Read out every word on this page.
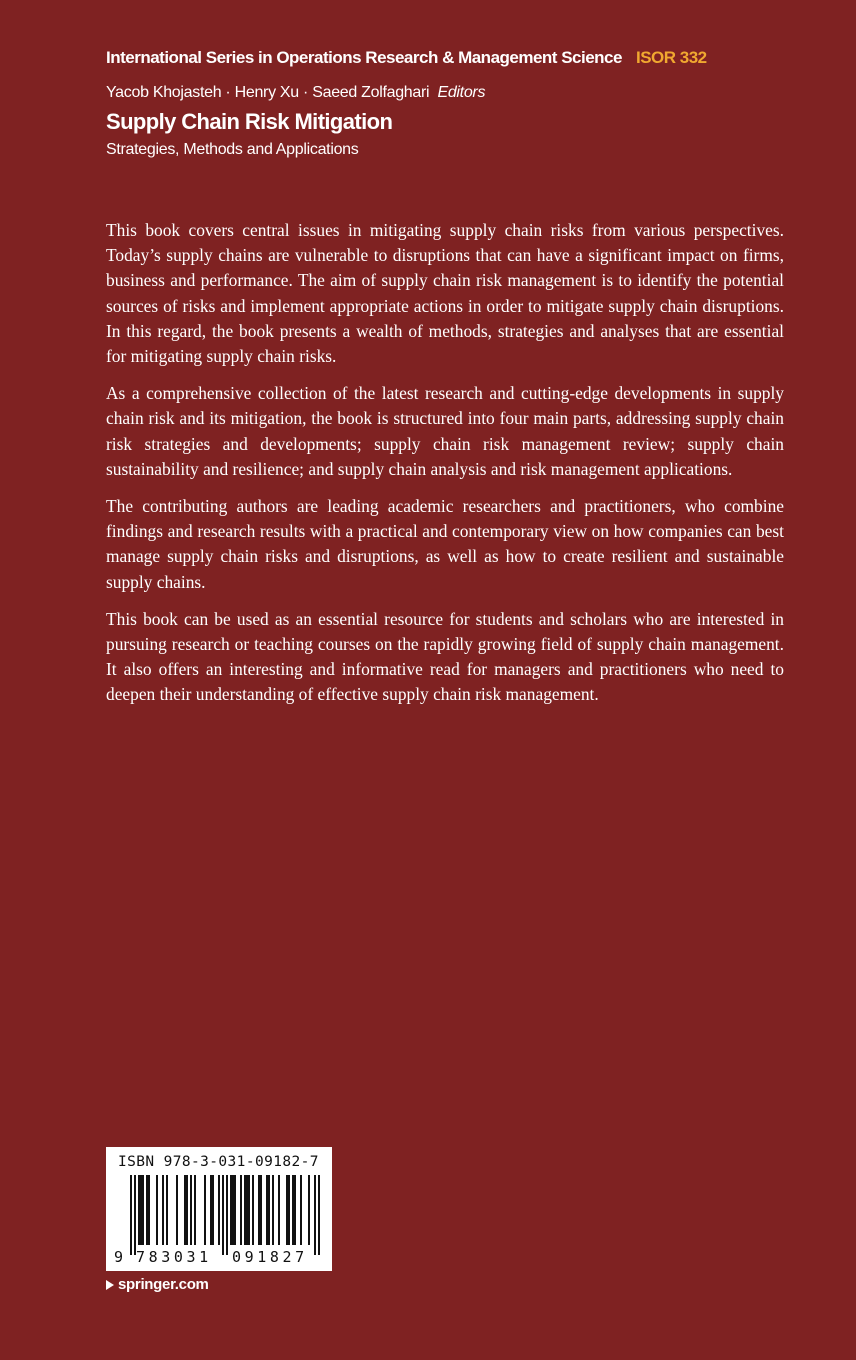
International Series in Operations Research & Management Science ISOR 332
Yacob Khojasteh · Henry Xu · Saeed Zolfaghari Editors
Supply Chain Risk Mitigation
Strategies, Methods and Applications

This book covers central issues in mitigating supply chain risks from various perspectives. Today’s supply chains are vulnerable to disruptions that can have a significant impact on firms, business and performance. The aim of supply chain risk management is to identify the potential sources of risks and implement appropriate actions in order to mitigate supply chain disruptions. In this regard, the book presents a wealth of methods, strategies and analyses that are essential for mitigating supply chain risks.

As a comprehensive collection of the latest research and cutting-edge developments in supply chain risk and its mitigation, the book is structured into four main parts, addressing supply chain risk strategies and developments; supply chain risk management review; supply chain sustainability and resilience; and supply chain analysis and risk management applications.

The contributing authors are leading academic researchers and practitioners, who combine findings and research results with a practical and contemporary view on how companies can best manage supply chain risks and disruptions, as well as how to create resilient and sustainable supply chains.

This book can be used as an essential resource for students and scholars who are interested in pursuing research or teaching courses on the rapidly growing field of supply chain management. It also offers an interesting and informative read for managers and practitioners who need to deepen their understanding of effective supply chain risk management.

ISBN 978-3-031-09182-7
9 783031 091827
springer.com
